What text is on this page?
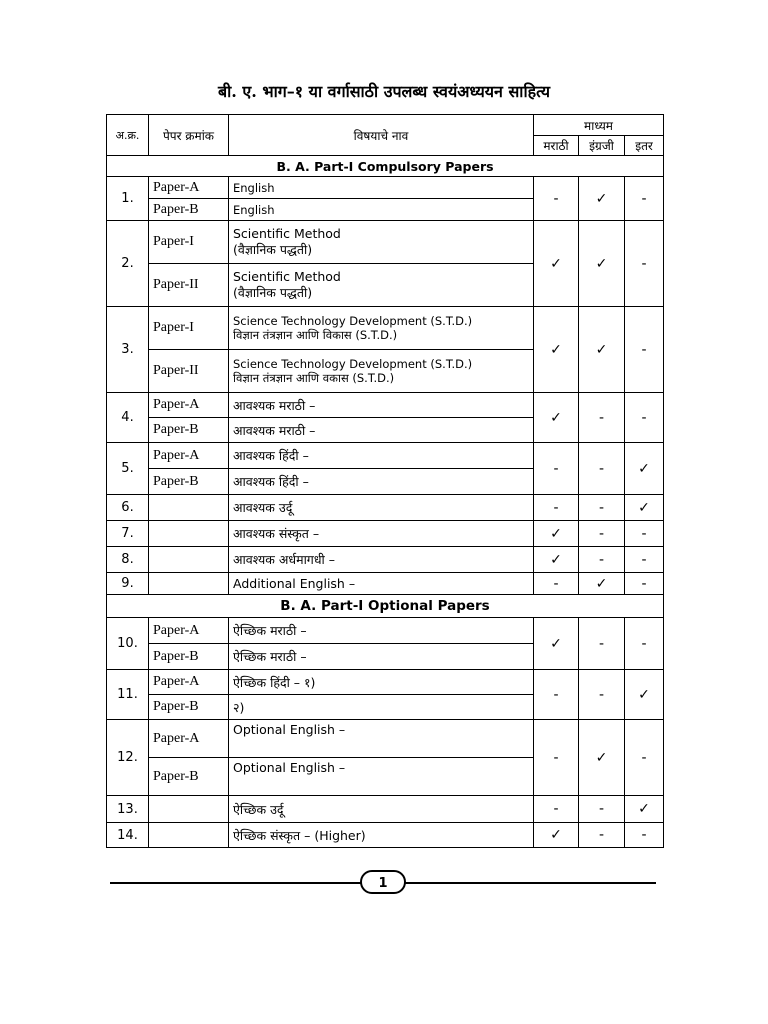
बी. ए. भाग–१ या वर्गासाठी उपलब्ध स्वयंअध्ययन साहित्य
अ.क्र.	पेपर क्रमांक	विषयाचे नाव	माध्यम		
			मराठी	इंग्रजी	इतर
B. A. Part-I Compulsory Papers					
1.	Paper-A	English	-	✓	-
	Paper-B	English			
2.	Paper-I	Scientific Method
(वैज्ञानिक पद्धती)	✓	✓	-
	Paper-II	Scientific Method
(वैज्ञानिक पद्धती)			

3.	Paper-I	Science Technology Development (S.T.D.)
विज्ञान तंत्रज्ञान आणि विकास (S.T.D.)	✓	✓	-
	Paper-II	Science Technology Development (S.T.D.)
विज्ञान तंत्रज्ञान आणि वकास (S.T.D.)			

4.	Paper-A	आवश्यक मराठी –	✓	-	-
	Paper-B	आवश्यक मराठी –			
5.	Paper-A	आवश्यक हिंदी –	-	-	✓
	Paper-B	आवश्यक हिंदी –			
6.		आवश्यक उर्दू	-	-	✓
7.		आवश्यक संस्कृत –	✓	-	-
8.		आवश्यक अर्धमागधी –	✓	-	-
9.		Additional English –	-	✓	-
B. A. Part-I Optional Papers					
10.	Paper-A	ऐच्छिक मराठी –	✓	-	-
	Paper-B	ऐच्छिक मराठी –			
11.	Paper-A	ऐच्छिक हिंदी – १)	-	-	✓
	Paper-B	२)			
12.	Paper-A	Optional English –	-	✓	-
	Paper-B	Optional English –			
13.		ऐच्छिक उर्दू	-	-	✓
14.		ऐच्छिक संस्कृत – (Higher)	✓	-	-
1
